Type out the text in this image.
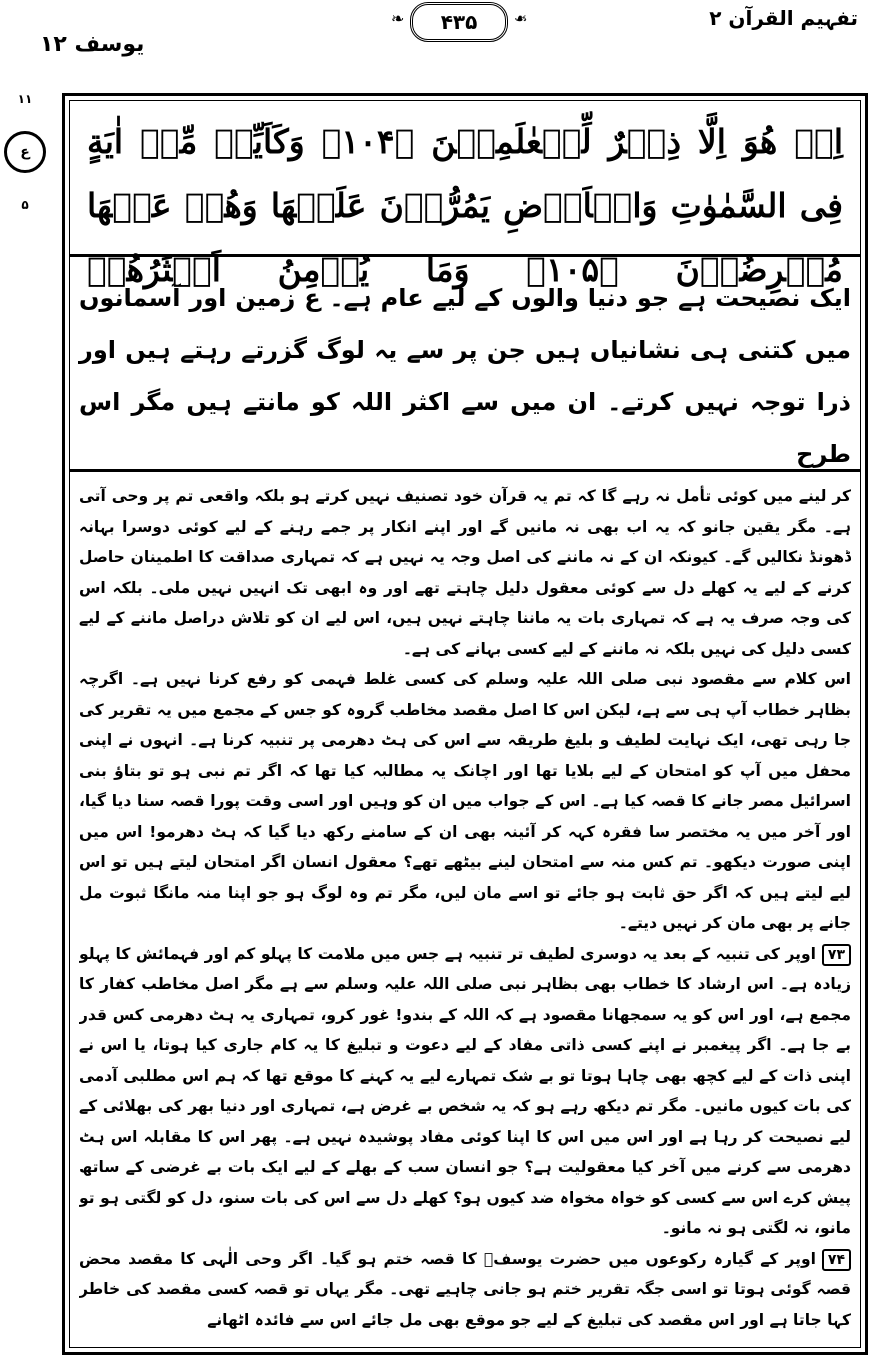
یوسف ۱۲
❧ ۴۳۵ ❧	تفہیم القرآن ۲
۱۱
ع
۵
اِنۡ هُوَ اِلَّا ذِكۡرٌ لِّلۡعٰلَمِيۡنَ ﴿۱۰۴﴾ وَكَاَيِّنۡ مِّنۡ اٰيَةٍ فِى السَّمٰوٰتِ وَالۡاَرۡضِ يَمُرُّوۡنَ عَلَيۡهَا وَهُمۡ عَنۡهَا مُعۡرِضُوۡنَ ﴿۱۰۵﴾ وَمَا يُؤۡمِنُ اَكۡثَرُهُمۡ
ایک نصیحت ہے جو دنیا والوں کے لیے عام ہے۔ ع زمین اور آسمانوں میں کتنی ہی نشانیاں ہیں جن پر سے یہ لوگ گزرتے رہتے ہیں اور ذرا توجہ نہیں کرتے۔ ان میں سے اکثر اللہ کو مانتے ہیں مگر اس طرح

کر لینے میں کوئی تأمل نہ رہے گا کہ تم یہ قرآن خود تصنیف نہیں کرتے ہو بلکہ واقعی تم پر وحی آتی ہے۔ مگر یقین جانو کہ یہ اب بھی نہ مانیں گے اور اپنے انکار پر جمے رہنے کے لیے کوئی دوسرا بہانہ ڈھونڈ نکالیں گے۔ کیونکہ ان کے نہ ماننے کی اصل وجہ یہ نہیں ہے کہ تمہاری صداقت کا اطمینان حاصل کرنے کے لیے یہ کھلے دل سے کوئی معقول دلیل چاہتے تھے اور وہ ابھی تک انہیں نہیں ملی۔ بلکہ اس کی وجہ صرف یہ ہے کہ تمہاری بات یہ ماننا چاہتے نہیں ہیں، اس لیے ان کو تلاش دراصل ماننے کے لیے کسی دلیل کی نہیں بلکہ نہ ماننے کے لیے کسی بہانے کی ہے۔

اس کلام سے مقصود نبی صلی اللہ علیہ وسلم کی کسی غلط فہمی کو رفع کرنا نہیں ہے۔ اگرچہ بظاہر خطاب آپ ہی سے ہے، لیکن اس کا اصل مقصد مخاطب گروہ کو جس کے مجمع میں یہ تقریر کی جا رہی تھی، ایک نہایت لطیف و بلیغ طریقہ سے اس کی ہٹ دھرمی پر تنبیہ کرنا ہے۔ انہوں نے اپنی محفل میں آپ کو امتحان کے لیے بلایا تھا اور اچانک یہ مطالبہ کیا تھا کہ اگر تم نبی ہو تو بتاؤ بنی اسرائیل مصر جانے کا قصہ کیا ہے۔ اس کے جواب میں ان کو وہیں اور اسی وقت پورا قصہ سنا دیا گیا، اور آخر میں یہ مختصر سا فقرہ کہہ کر آئینہ بھی ان کے سامنے رکھ دیا گیا کہ ہٹ دھرمو! اس میں اپنی صورت دیکھو۔ تم کس منہ سے امتحان لینے بیٹھے تھے؟ معقول انسان اگر امتحان لیتے ہیں تو اس لیے لیتے ہیں کہ اگر حق ثابت ہو جائے تو اسے مان لیں، مگر تم وہ لوگ ہو جو اپنا منہ مانگا ثبوت مل جانے پر بھی مان کر نہیں دیتے۔

۷۳اوپر کی تنبیہ کے بعد یہ دوسری لطیف تر تنبیہ ہے جس میں ملامت کا پہلو کم اور فہمائش کا پہلو زیادہ ہے۔ اس ارشاد کا خطاب بھی بظاہر نبی صلی اللہ علیہ وسلم سے ہے مگر اصل مخاطب کفار کا مجمع ہے، اور اس کو یہ سمجھانا مقصود ہے کہ اللہ کے بندو! غور کرو، تمہاری یہ ہٹ دھرمی کس قدر بے جا ہے۔ اگر پیغمبر نے اپنے کسی ذاتی مفاد کے لیے دعوت و تبلیغ کا یہ کام جاری کیا ہوتا، یا اس نے اپنی ذات کے لیے کچھ بھی چاہا ہوتا تو بے شک تمہارے لیے یہ کہنے کا موقع تھا کہ ہم اس مطلبی آدمی کی بات کیوں مانیں۔ مگر تم دیکھ رہے ہو کہ یہ شخص بے غرض ہے، تمہاری اور دنیا بھر کی بھلائی کے لیے نصیحت کر رہا ہے اور اس میں اس کا اپنا کوئی مفاد پوشیدہ نہیں ہے۔ پھر اس کا مقابلہ اس ہٹ دھرمی سے کرنے میں آخر کیا معقولیت ہے؟ جو انسان سب کے بھلے کے لیے ایک بات بے غرضی کے ساتھ پیش کرے اس سے کسی کو خواہ مخواہ ضد کیوں ہو؟ کھلے دل سے اس کی بات سنو، دل کو لگتی ہو تو مانو، نہ لگتی ہو نہ مانو۔

۷۴اوپر کے گیارہ رکوعوں میں حضرت یوسفؑ کا قصہ ختم ہو گیا۔ اگر وحی الٰہی کا مقصد محض قصہ گوئی ہوتا تو اسی جگہ تقریر ختم ہو جانی چاہیے تھی۔ مگر یہاں تو قصہ کسی مقصد کی خاطر کہا جاتا ہے اور اس مقصد کی تبلیغ کے لیے جو موقع بھی مل جائے اس سے فائدہ اٹھانے
